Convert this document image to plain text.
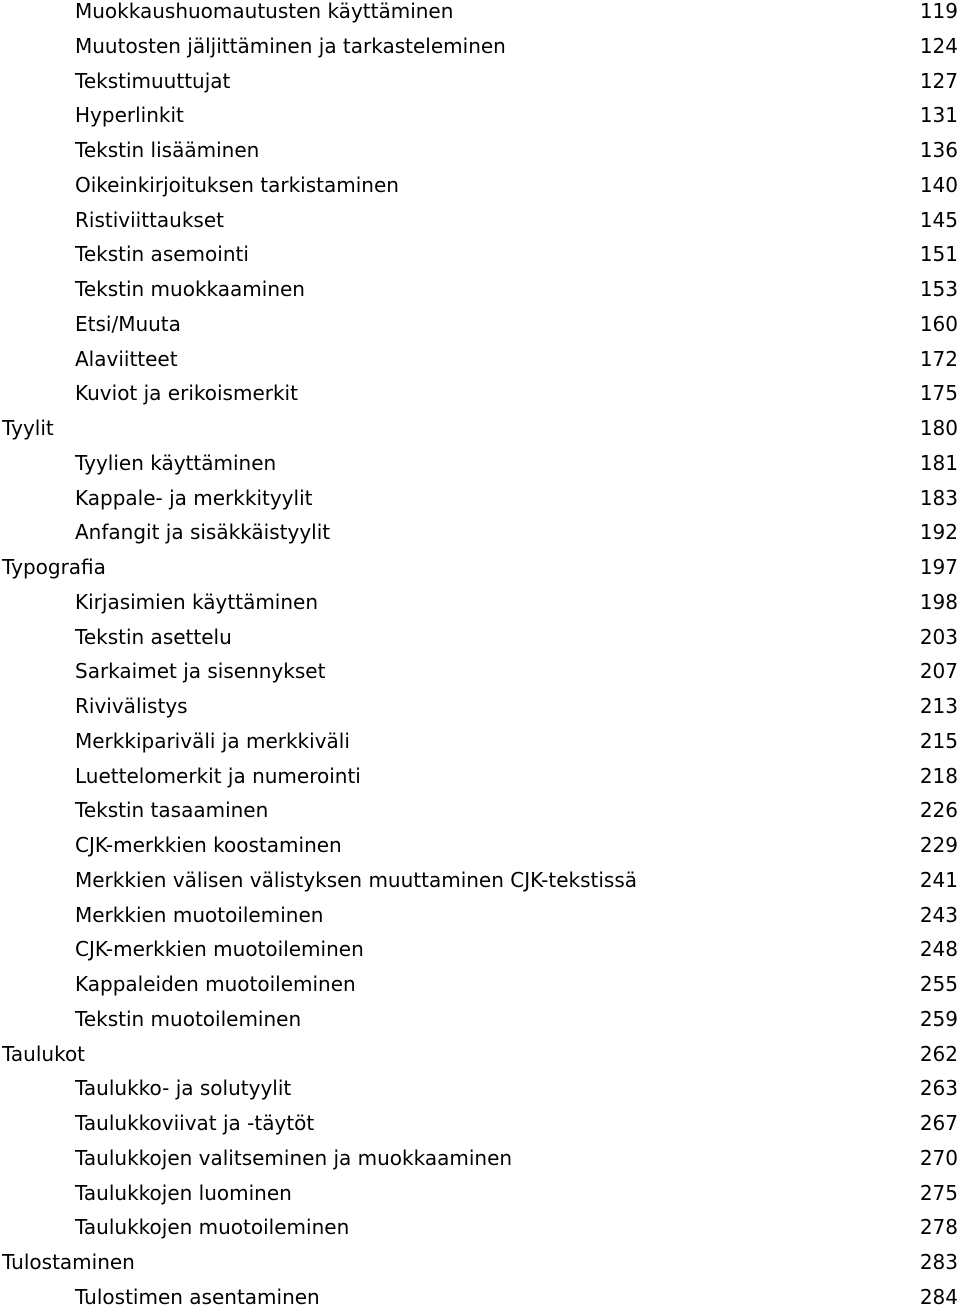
Muokkaushuomautusten käyttäminen	119
Muutosten jäljittäminen ja tarkasteleminen	124
Tekstimuuttujat	127
Hyperlinkit	131
Tekstin lisääminen	136
Oikeinkirjoituksen tarkistaminen	140
Ristiviittaukset	145
Tekstin asemointi	151
Tekstin muokkaaminen	153
Etsi/Muuta	160
Alaviitteet	172
Kuviot ja erikoismerkit	175
Tyylit	180
Tyylien käyttäminen	181
Kappale- ja merkkityylit	183
Anfangit ja sisäkkäistyylit	192
Typografia	197
Kirjasimien käyttäminen	198
Tekstin asettelu	203
Sarkaimet ja sisennykset	207
Rivivälistys	213
Merkkipariväli ja merkkiväli	215
Luettelomerkit ja numerointi	218
Tekstin tasaaminen	226
CJK-merkkien koostaminen	229
Merkkien välisen välistyksen muuttaminen CJK-tekstissä	241
Merkkien muotoileminen	243
CJK-merkkien muotoileminen	248
Kappaleiden muotoileminen	255
Tekstin muotoileminen	259
Taulukot	262
Taulukko- ja solutyylit	263
Taulukkoviivat ja -täytöt	267
Taulukkojen valitseminen ja muokkaaminen	270
Taulukkojen luominen	275
Taulukkojen muotoileminen	278
Tulostaminen	283
Tulostimen asentaminen	284
